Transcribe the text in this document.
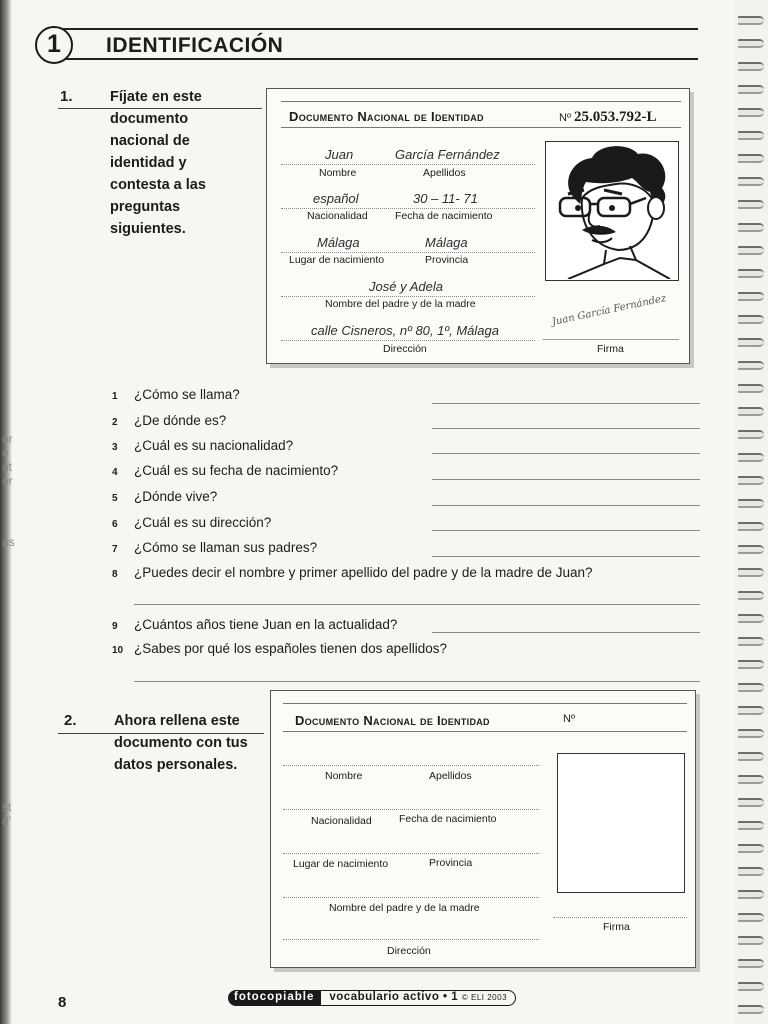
or
e
ut
or
as
st
d'
1	IDENTIFICACIÓN
1.	Fíjate en este
documento
nacional de
identidad y
contesta a las
preguntas
siguientes.
Documento Nacional de Identidad	Nº 25.053.792-L
Juan	García Fernández
Nombre	Apellidos
español	30 – 11- 71
Nacionalidad	Fecha de nacimiento
Málaga	Málaga
Lugar de nacimiento	Provincia
José y Adela
Nombre del padre y de la madre
calle Cisneros, nº 80, 1º, Málaga
Dirección
Juan García Fernández
Firma
1 ¿Cómo se llama?
2 ¿De dónde es?
3 ¿Cuál es su nacionalidad?
4 ¿Cuál es su fecha de nacimiento?
5 ¿Dónde vive?
6 ¿Cuál es su dirección?
7 ¿Cómo se llaman sus padres?
8 ¿Puedes decir el nombre y primer apellido del padre y de la madre de Juan?
9 ¿Cuántos años tiene Juan en la actualidad?
10 ¿Sabes por qué los españoles tienen dos apellidos?
2.	Ahora rellena este
documento con tus
datos personales.
Documento Nacional de Identidad	Nº
Nombre	Apellidos
Nacionalidad	Fecha de nacimiento
Lugar de nacimiento	Provincia
Nombre del padre y de la madre
Dirección
Firma
8	fotocopiable	vocabulario activo • 1 © ELI 2003
